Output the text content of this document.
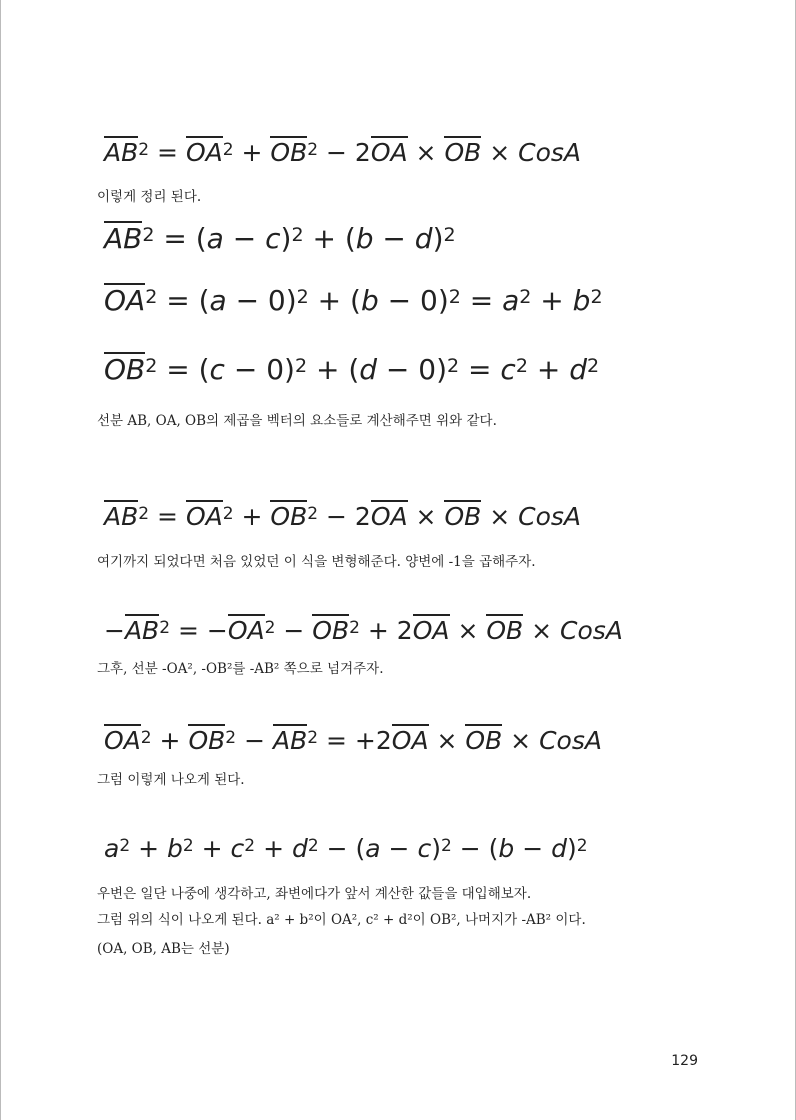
$AB^2 = OA^2 + OB^2 - 2OA$ × OB × CosA
이렇게 정리 된다.
$AB^2 = (a - c)^2 + (b - d)^2$
$OA^2 = (a - 0)^2 + (b - 0)^2 = a^2 + b^2$
$OB^2 = (c - 0)^2 + (d - 0)^2 = c^2 + d^2$
선분 AB, OA, OB의 제곱을 벡터의 요소들로 계산해주면 위와 같다.
$AB^2 = OA^2 + OB^2 - 2OA$ × OB × CosA
여기까지 되었다면 처음 있었던 이 식을 변형해준다. 양변에 -1을 곱해주자.
$-AB^2 = -OA^2 - OB^2 + 2OA$ × OB × CosA
그후, 선분 -OA², -OB²를 -AB² 쪽으로 넘겨주자.
$OA^2 + OB^2 - AB^2 = +2OA$ × OB × CosA
그럼 이렇게 나오게 된다.
$a^2 + b^2 + c^2 + d^2 - (a - c)^2 - (b - d)^2$
우변은 일단 나중에 생각하고, 좌변에다가 앞서 계산한 값들을 대입해보자.
그럼 위의 식이 나오게 된다. a² + b²이 OA², c² + d²이 OB², 나머지가 -AB² 이다.
(OA, OB, AB는 선분)
129
